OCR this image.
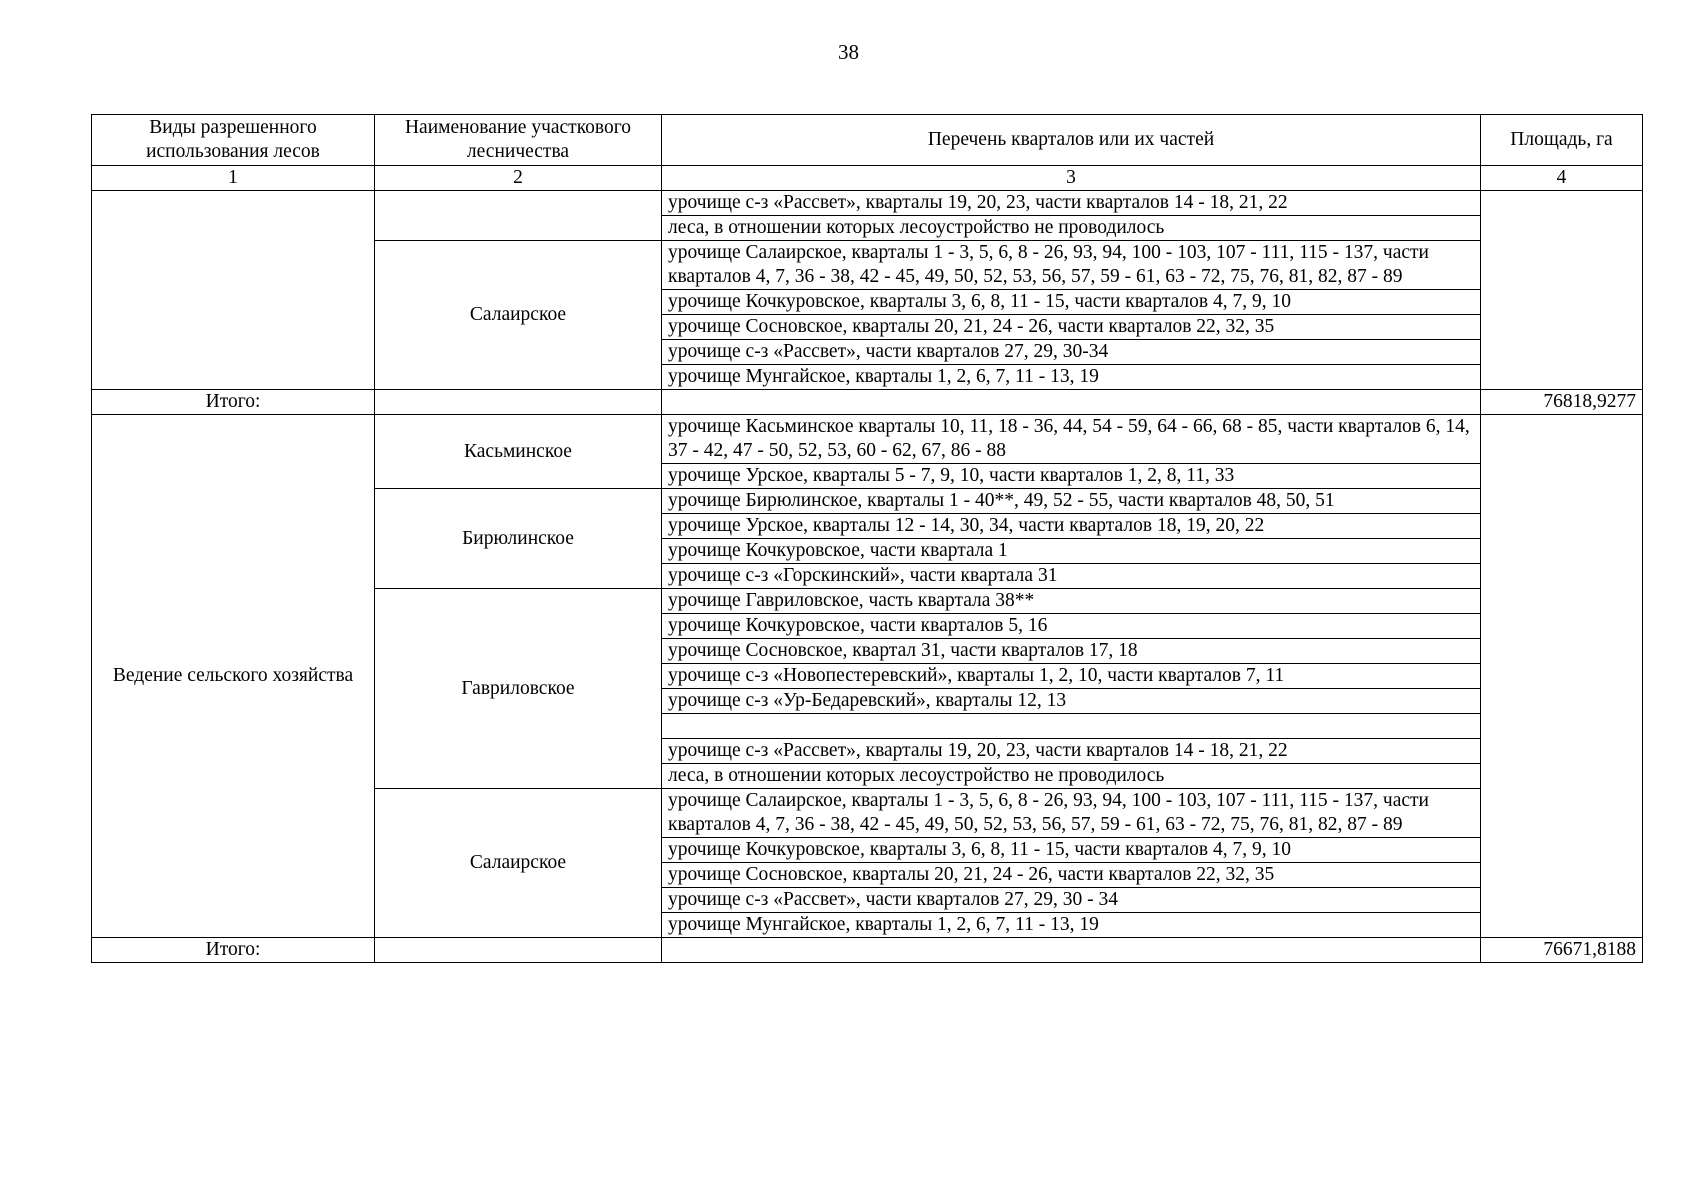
38
Виды разрешенного использования лесов	Наименование участкового лесничества	Перечень кварталов или их частей	Площадь, га
1	2	3	4
		урочище с-з «Рассвет», кварталы 19, 20, 23, части кварталов 14 - 18, 21, 22	
		леса, в отношении которых лесоустройство не проводилось	
	Салаирское	урочище Салаирское, кварталы 1 - 3, 5, 6, 8 - 26, 93, 94, 100 - 103, 107 - 111, 115 - 137, части кварталов 4, 7, 36 - 38, 42 - 45, 49, 50, 52, 53, 56, 57, 59 - 61, 63 - 72, 75, 76, 81, 82, 87 - 89	
		урочище Кочкуровское, кварталы 3, 6, 8, 11 - 15, части кварталов 4, 7, 9, 10	
		урочище Сосновское, кварталы 20, 21, 24 - 26, части кварталов 22, 32, 35	
		урочище с-з «Рассвет», части кварталов 27, 29, 30-34	
		урочище Мунгайское, кварталы 1, 2, 6, 7, 11 - 13, 19	
Итого:			76818,9277
Ведение сельского хозяйства	Касьминское	урочище Касьминское кварталы 10, 11, 18 - 36, 44, 54 - 59, 64 - 66, 68 - 85, части кварталов 6, 14, 37 - 42, 47 - 50, 52, 53, 60 - 62, 67, 86 - 88	
		урочище Урское, кварталы 5 - 7, 9, 10, части кварталов 1, 2, 8, 11, 33	
	Бирюлинское	урочище Бирюлинское, кварталы 1 - 40**, 49, 52 - 55, части кварталов 48, 50, 51	
		урочище Урское, кварталы 12 - 14, 30, 34, части кварталов 18, 19, 20, 22	
		урочище Кочкуровское, части квартала 1	
		урочище с-з «Горскинский», части квартала 31	
	Гавриловское	урочище Гавриловское, часть квартала 38**	
		урочище Кочкуровское, части кварталов 5, 16	
		урочище Сосновское, квартал 31, части кварталов 17, 18	
		урочище с-з «Новопестеревский», кварталы 1, 2, 10, части кварталов 7, 11	
		урочище с-з «Ур-Бедаревский», кварталы 12, 13	

		урочище с-з «Рассвет», кварталы 19, 20, 23, части кварталов 14 - 18, 21, 22	
		леса, в отношении которых лесоустройство не проводилось	
	Салаирское	урочище Салаирское, кварталы 1 - 3, 5, 6, 8 - 26, 93, 94, 100 - 103, 107 - 111, 115 - 137, части кварталов 4, 7, 36 - 38, 42 - 45, 49, 50, 52, 53, 56, 57, 59 - 61, 63 - 72, 75, 76, 81, 82, 87 - 89	
		урочище Кочкуровское, кварталы 3, 6, 8, 11 - 15, части кварталов 4, 7, 9, 10	
		урочище Сосновское, кварталы 20, 21, 24 - 26, части кварталов 22, 32, 35	
		урочище с-з «Рассвет», части кварталов 27, 29, 30 - 34	
		урочище Мунгайское, кварталы 1, 2, 6, 7, 11 - 13, 19	
Итого:			76671,8188
